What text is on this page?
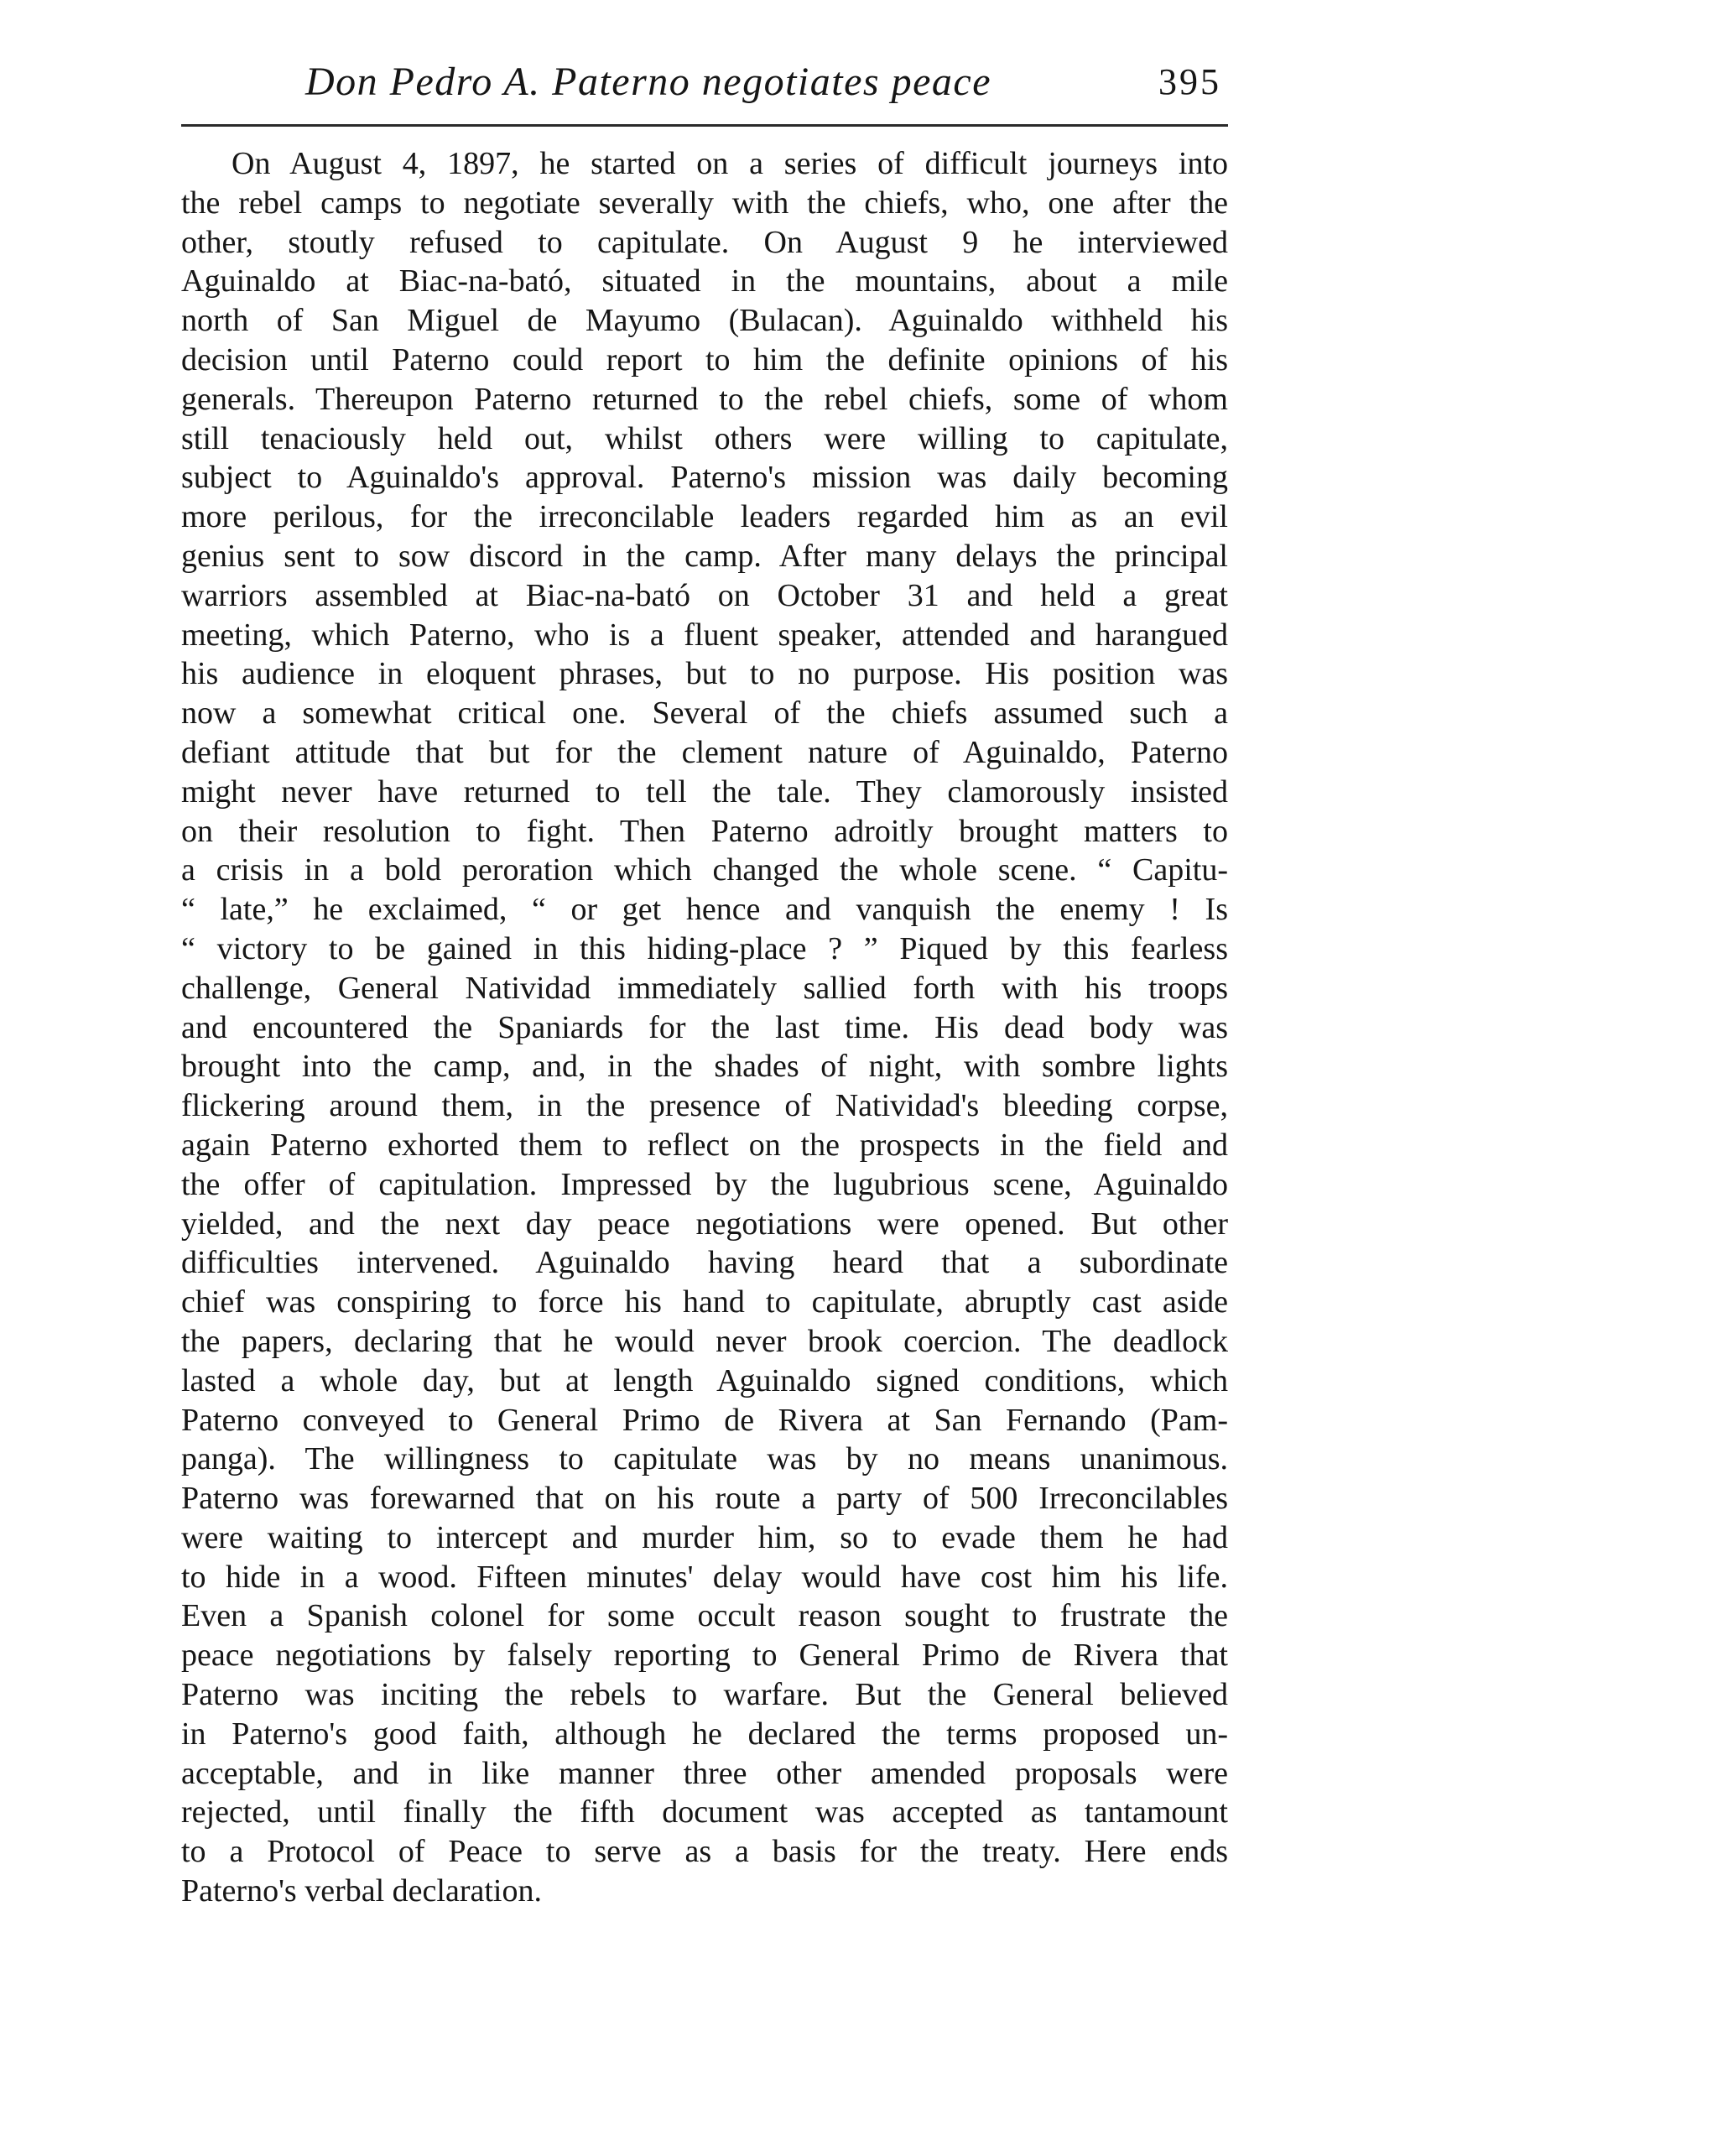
Don Pedro A. Paterno negotiates peace	395
On August 4, 1897, he started on a series of difficult journeys into
the rebel camps to negotiate severally with the chiefs, who, one after the
other, stoutly refused to capitulate. On August 9 he interviewed
Aguinaldo at Biac-na-bató, situated in the mountains, about a mile
north of San Miguel de Mayumo (Bulacan). Aguinaldo withheld his
decision until Paterno could report to him the definite opinions of his
generals. Thereupon Paterno returned to the rebel chiefs, some of whom
still tenaciously held out, whilst others were willing to capitulate,
subject to Aguinaldo's approval. Paterno's mission was daily becoming
more perilous, for the irreconcilable leaders regarded him as an evil
genius sent to sow discord in the camp. After many delays the principal
warriors assembled at Biac-na-bató on October 31 and held a great
meeting, which Paterno, who is a fluent speaker, attended and harangued
his audience in eloquent phrases, but to no purpose. His position was
now a somewhat critical one. Several of the chiefs assumed such a
defiant attitude that but for the clement nature of Aguinaldo, Paterno
might never have returned to tell the tale. They clamorously insisted
on their resolution to fight. Then Paterno adroitly brought matters to
a crisis in a bold peroration which changed the whole scene. “ Capitu-
“ late,” he exclaimed, “ or get hence and vanquish the enemy ! Is
“ victory to be gained in this hiding-place ? ” Piqued by this fearless
challenge, General Natividad immediately sallied forth with his troops
and encountered the Spaniards for the last time. His dead body was
brought into the camp, and, in the shades of night, with sombre lights
flickering around them, in the presence of Natividad's bleeding corpse,
again Paterno exhorted them to reflect on the prospects in the field and
the offer of capitulation. Impressed by the lugubrious scene, Aguinaldo
yielded, and the next day peace negotiations were opened. But other
difficulties intervened. Aguinaldo having heard that a subordinate
chief was conspiring to force his hand to capitulate, abruptly cast aside
the papers, declaring that he would never brook coercion. The deadlock
lasted a whole day, but at length Aguinaldo signed conditions, which
Paterno conveyed to General Primo de Rivera at San Fernando (Pam-
panga). The willingness to capitulate was by no means unanimous.
Paterno was forewarned that on his route a party of 500 Irreconcilables
were waiting to intercept and murder him, so to evade them he had
to hide in a wood. Fifteen minutes' delay would have cost him his life.
Even a Spanish colonel for some occult reason sought to frustrate the
peace negotiations by falsely reporting to General Primo de Rivera that
Paterno was inciting the rebels to warfare. But the General believed
in Paterno's good faith, although he declared the terms proposed un-
acceptable, and in like manner three other amended proposals were
rejected, until finally the fifth document was accepted as tantamount
to a Protocol of Peace to serve as a basis for the treaty. Here ends
Paterno's verbal declaration.
